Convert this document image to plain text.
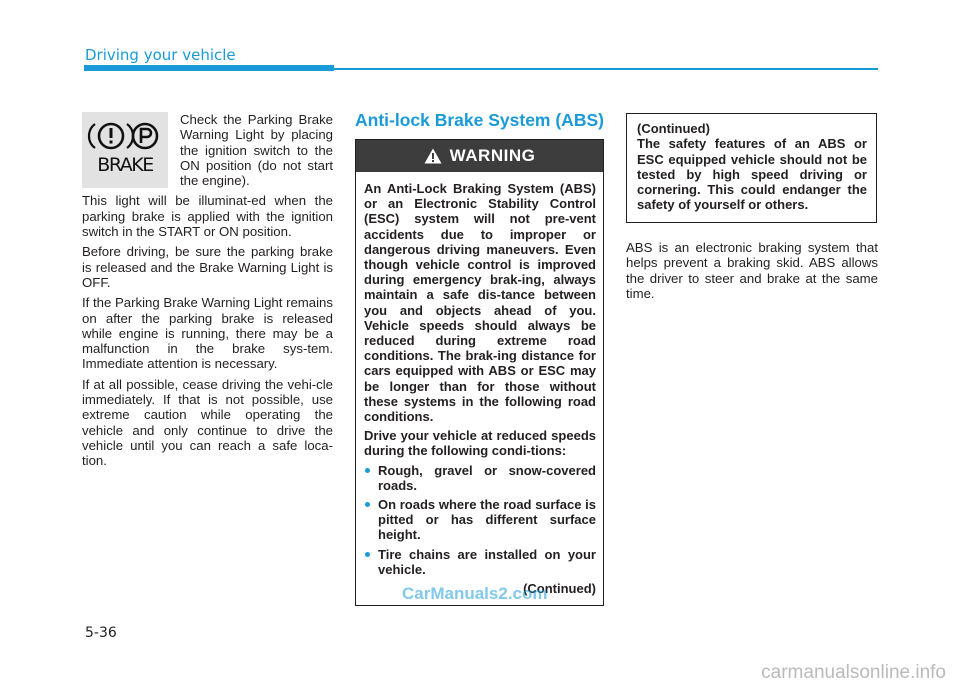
Driving your vehicle
BRAKE

Check the Parking Brake Warning Light by placing the ignition switch to the ON position (do not start the engine).

This light will be illuminat-ed when the parking brake is applied with the ignition switch in the START or ON position.

Before driving, be sure the parking brake is released and the Brake Warning Light is OFF.

If the Parking Brake Warning Light remains on after the parking brake is released while engine is running, there may be a malfunction in the brake sys-tem. Immediate attention is necessary.

If at all possible, cease driving the vehi-cle immediately. If that is not possible, use extreme caution while operating the vehicle and only continue to drive the vehicle until you can reach a safe loca-tion.

Anti-lock Brake System (ABS)
WARNING

An Anti-Lock Braking System (ABS) or an Electronic Stability Control (ESC) system will not pre-vent accidents due to improper or dangerous driving maneuvers. Even though vehicle control is improved during emergency brak-ing, always maintain a safe dis-tance between you and objects ahead of you. Vehicle speeds should always be reduced during extreme road conditions. The brak-ing distance for cars equipped with ABS or ESC may be longer than for those without these systems in the following road conditions.

Drive your vehicle at reduced speeds during the following condi-tions:

Rough, gravel or snow-covered roads.
On roads where the road surface is pitted or has different surface height.
Tire chains are installed on your vehicle.
(Continued)

(Continued)

The safety features of an ABS or ESC equipped vehicle should not be tested by high speed driving or cornering. This could endanger the safety of yourself or others.

ABS is an electronic braking system that helps prevent a braking skid. ABS allows the driver to steer and brake at the same time.

5-36
CarManuals2.com
carmanualsonline.info
